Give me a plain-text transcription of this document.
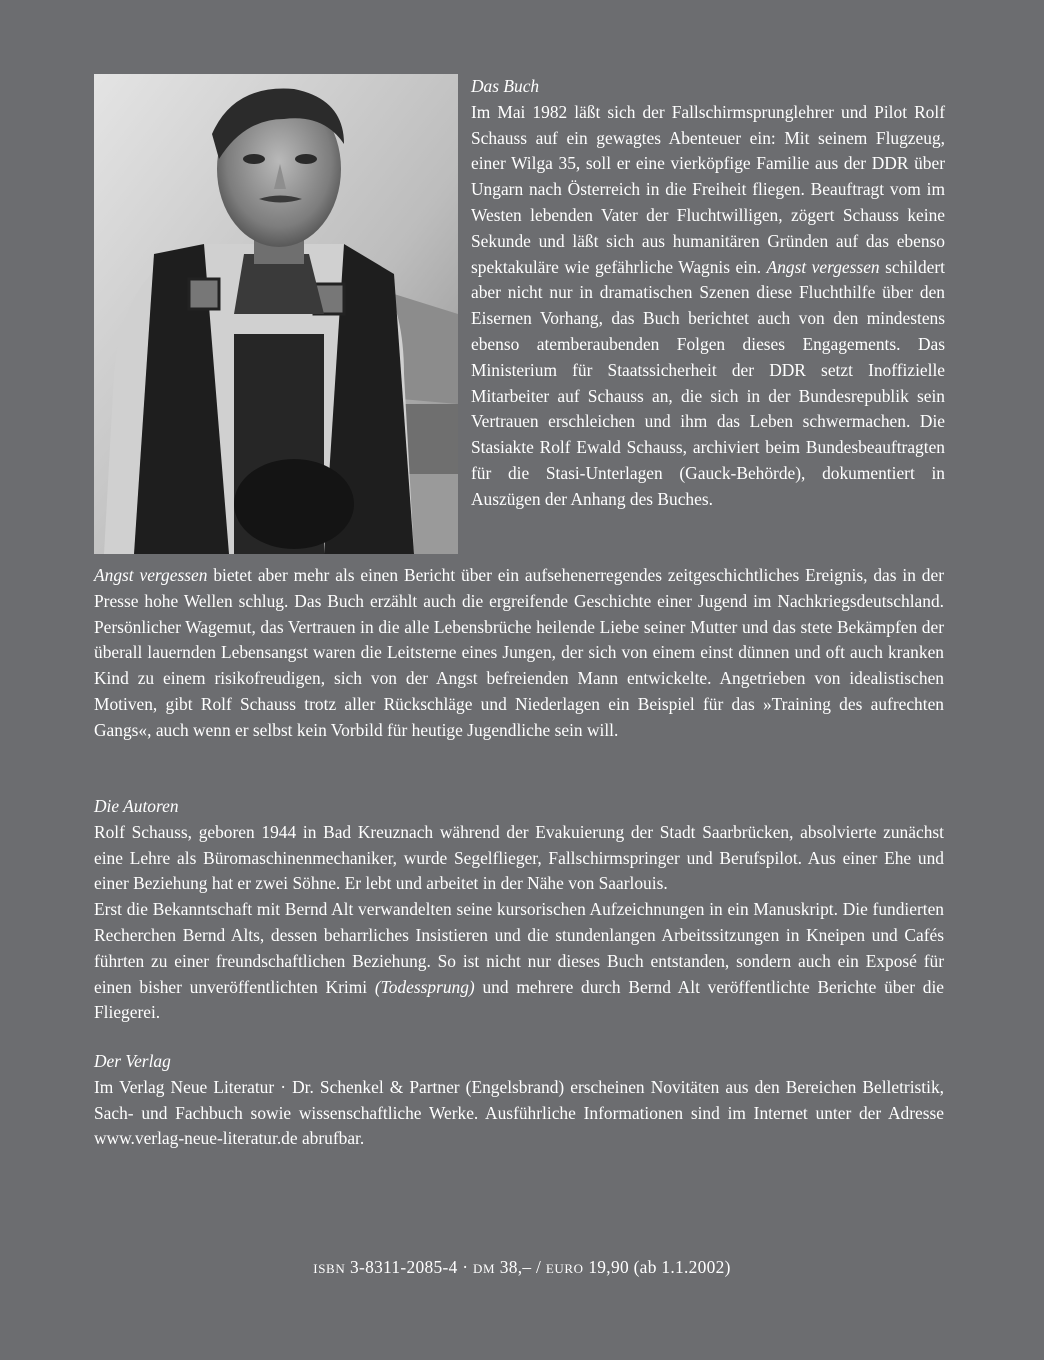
Das Buch

Im Mai 1982 läßt sich der Fallschirmsprunglehrer und Pilot Rolf Schauss auf ein gewagtes Abenteuer ein: Mit seinem Flugzeug, einer Wilga 35, soll er eine vierköpfige Familie aus der DDR über Ungarn nach Österreich in die Freiheit fliegen. Beauftragt vom im Westen lebenden Vater der Fluchtwilligen, zögert Schauss keine Sekunde und läßt sich aus humanitären Gründen auf das ebenso spektakuläre wie gefährliche Wagnis ein. Angst vergessen schildert aber nicht nur in dramatischen Szenen diese Fluchthilfe über den Eisernen Vorhang, das Buch berichtet auch von den mindestens ebenso atemberaubenden Folgen dieses Engagements. Das Ministerium für Staatssicherheit der DDR setzt Inoffizielle Mitarbeiter auf Schauss an, die sich in der Bundesrepublik sein Vertrauen erschleichen und ihm das Leben schwermachen. Die Stasiakte Rolf Ewald Schauss, archiviert beim Bundesbeauftragten für die Stasi-Unterlagen (Gauck-Behörde), dokumentiert in Auszügen der Anhang des Buches.

Angst vergessen bietet aber mehr als einen Bericht über ein aufsehenerregendes zeitgeschichtliches Ereignis, das in der Presse hohe Wellen schlug. Das Buch erzählt auch die ergreifende Geschichte einer Jugend im Nachkriegsdeutschland. Persönlicher Wagemut, das Vertrauen in die alle Lebensbrüche heilende Liebe seiner Mutter und das stete Bekämpfen der überall lauernden Lebensangst waren die Leitsterne eines Jungen, der sich von einem einst dünnen und oft auch kranken Kind zu einem risikofreudigen, sich von der Angst befreienden Mann entwickelte. Angetrieben von idealistischen Motiven, gibt Rolf Schauss trotz aller Rückschläge und Niederlagen ein Beispiel für das »Training des aufrechten Gangs«, auch wenn er selbst kein Vorbild für heutige Jugendliche sein will.

Die Autoren

Rolf Schauss, geboren 1944 in Bad Kreuznach während der Evakuierung der Stadt Saarbrücken, absolvierte zunächst eine Lehre als Büromaschinenmechaniker, wurde Segelflieger, Fallschirmspringer und Berufspilot. Aus einer Ehe und einer Beziehung hat er zwei Söhne. Er lebt und arbeitet in der Nähe von Saarlouis.

Erst die Bekanntschaft mit Bernd Alt verwandelten seine kursorischen Aufzeichnungen in ein Manuskript. Die fundierten Recherchen Bernd Alts, dessen beharrliches Insistieren und die stundenlangen Arbeitssitzungen in Kneipen und Cafés führten zu einer freundschaftlichen Beziehung. So ist nicht nur dieses Buch entstanden, sondern auch ein Exposé für einen bisher unveröffentlichten Krimi (Todessprung) und mehrere durch Bernd Alt veröffentlichte Berichte über die Fliegerei.

Der Verlag

Im Verlag Neue Literatur · Dr. Schenkel & Partner (Engelsbrand) erscheinen Novitäten aus den Bereichen Belletristik, Sach- und Fachbuch sowie wissenschaftliche Werke. Ausführliche Informationen sind im Internet unter der Adresse www.verlag-neue-literatur.de abrufbar.

ISBN 3-8311-2085-4 · DM 38,– / EURO 19,90 (ab 1.1.2002)
